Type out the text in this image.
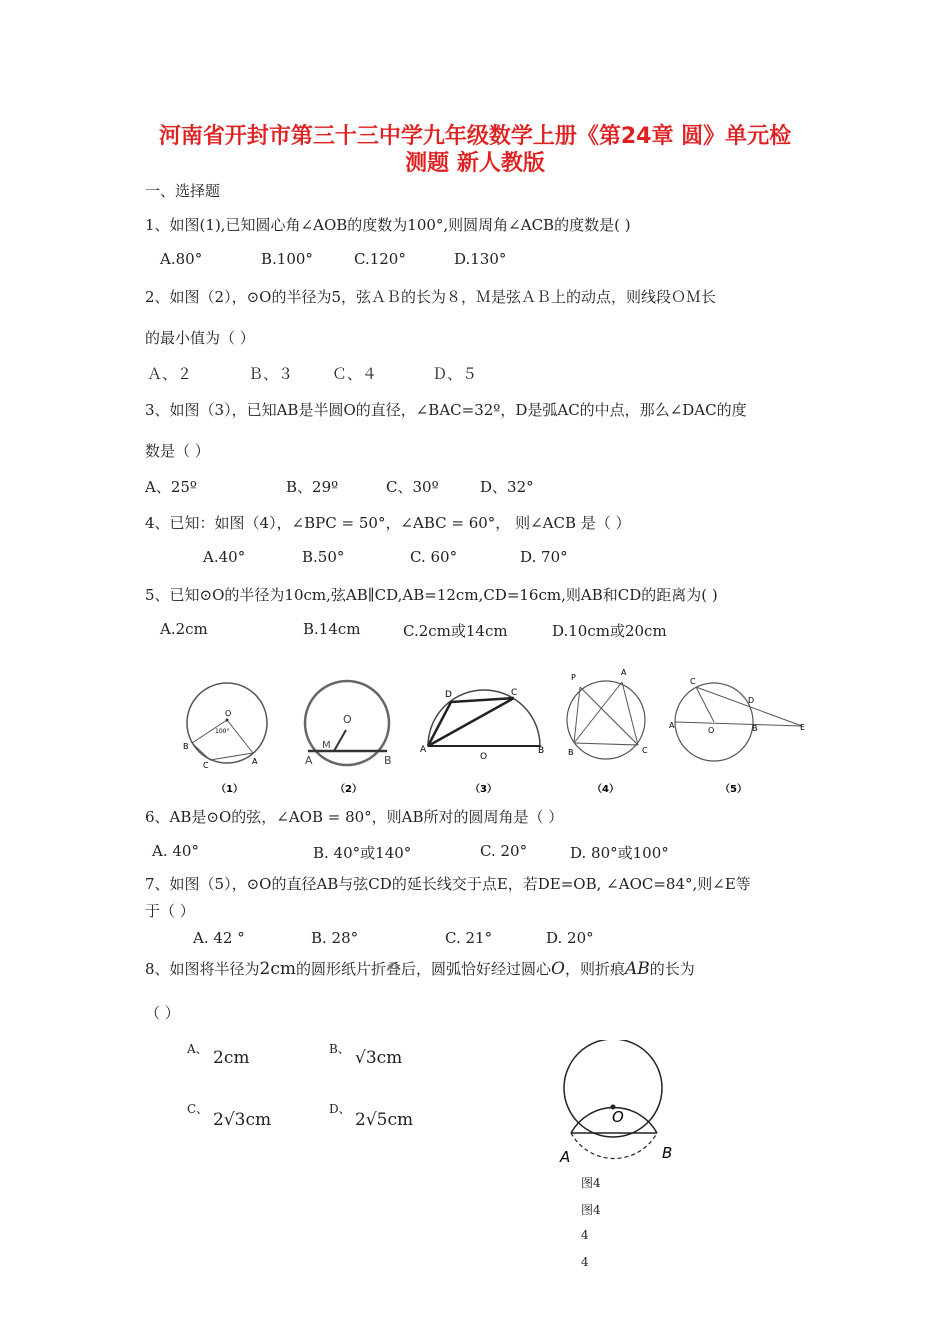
河南省开封市第三十三中学九年级数学上册《第24章 圆》单元检
测题 新人教版
一、选择题
1、如图(1),已知圆心角∠AOB的度数为100°,则圆周角∠ACB的度数是( )
A.80°	B.100°	C.120°	D.130°
2、如图（2），⊙O的半径为5，弦ＡＢ的长为８，Ｍ是弦ＡＢ上的动点，则线段ＯＭ长
的最小值为（ ）
Ａ、２	Ｂ、３	Ｃ、４	Ｄ、５
3、如图（3），已知AB是半圆O的直径，∠BAC=32º，D是弧AC的中点，那么∠DAC的度
数是（ ）
A、25º	B、29º	C、30º	D、32°
4、已知：如图（4），∠BPC = 50°，∠ABC = 60°， 则∠ACB 是（ ）
A.40°	B.50°	C. 60°	D. 70°
5、已知⊙O的半径为10cm,弦AB∥CD,AB=12cm,CD=16cm,则AB和CD的距离为( )
A.2cm	B.14cm	C.2cm或14cm	D.10cm或20cm
O
100°
B
C	A
（1）
O
M
A	B
（2）
D	C
A
O
B
（3）
P
A
B	C
（4）
C
D
A
O	B	E
（5）
6、AB是⊙O的弦，∠AOB = 80°，则AB所对的圆周角是（ ）
A. 40°	B. 40°或140°	C. 20°	D. 80°或100°
7、如图（5），⊙O的直径AB与弦CD的延长线交于点E，若DE=OB, ∠AOC=84°,则∠E等
于（ ）
A. 42 °	B. 28°	C. 21°	D. 20°
8、如图将半径为2cm的圆形纸片折叠后，圆弧恰好经过圆心O，则折痕AB的长为
（ ）
A、 2cm	B、 √3cm
C、
2√3cm
D、
2√5cm	O
A	B
图4
图4
4
4
